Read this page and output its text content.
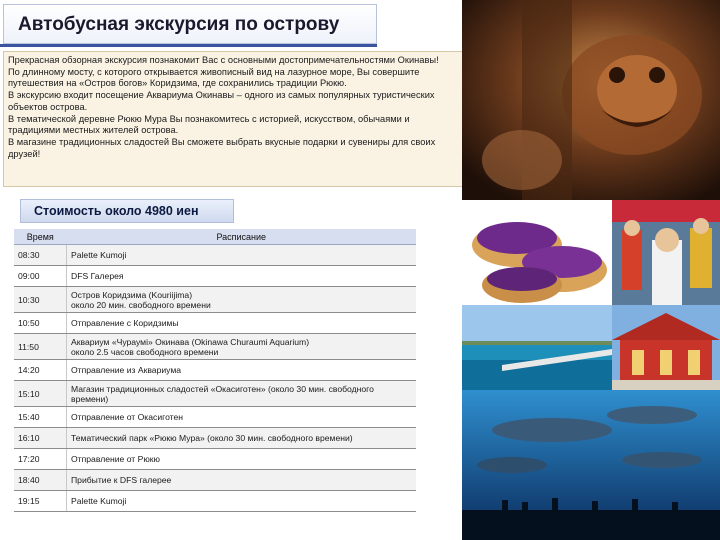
Автобусная экскурсия по острову

Прекрасная обзорная экскурсия познакомит Вас с основными достопримечательностями Окинавы!

По длинному мосту, с которого открывается живописный вид на лазурное море, Вы совершите путешествия на «Остров богов» Коридзима, где сохранились традиции Рюкю.

В экскурсию входит посещение Аквариума Окинавы – одного из самых популярных туристических объектов острова.

В тематической деревне Рюкю Мура Вы познакомитесь с историей, искусством, обычаями и традициями местных жителей острова.

В магазине традиционных сладостей Вы сможете выбрать вкусные подарки и сувениры для своих друзей!

Стоимость около 4980 иен
Время	Расписание
08:30	Palette Kumoji

09:00	DFS Галерея

10:30	Остров Коридзима (Kouriijima)
около 20 мин. свободного времени

10:50	Отправление с Коридзимы

11:50	Аквариум «Чураумi» Окинава (Okinawa Churaumi Aquarium)
около 2.5 часов свободного времени

14:20	Отправление из Аквариума

15:10	Магазин традиционных сладостей «Окасиготен» (около 30 мин. свободного
времени)

15:40	Отправление от Окасиготен

16:10	Тематический парк «Рюкю Мура» (около 30 мин. свободного времени)

17:20	Отправление от Рюкю

18:40	Прибытие к DFS галерее

19:15	Palette Kumoji
